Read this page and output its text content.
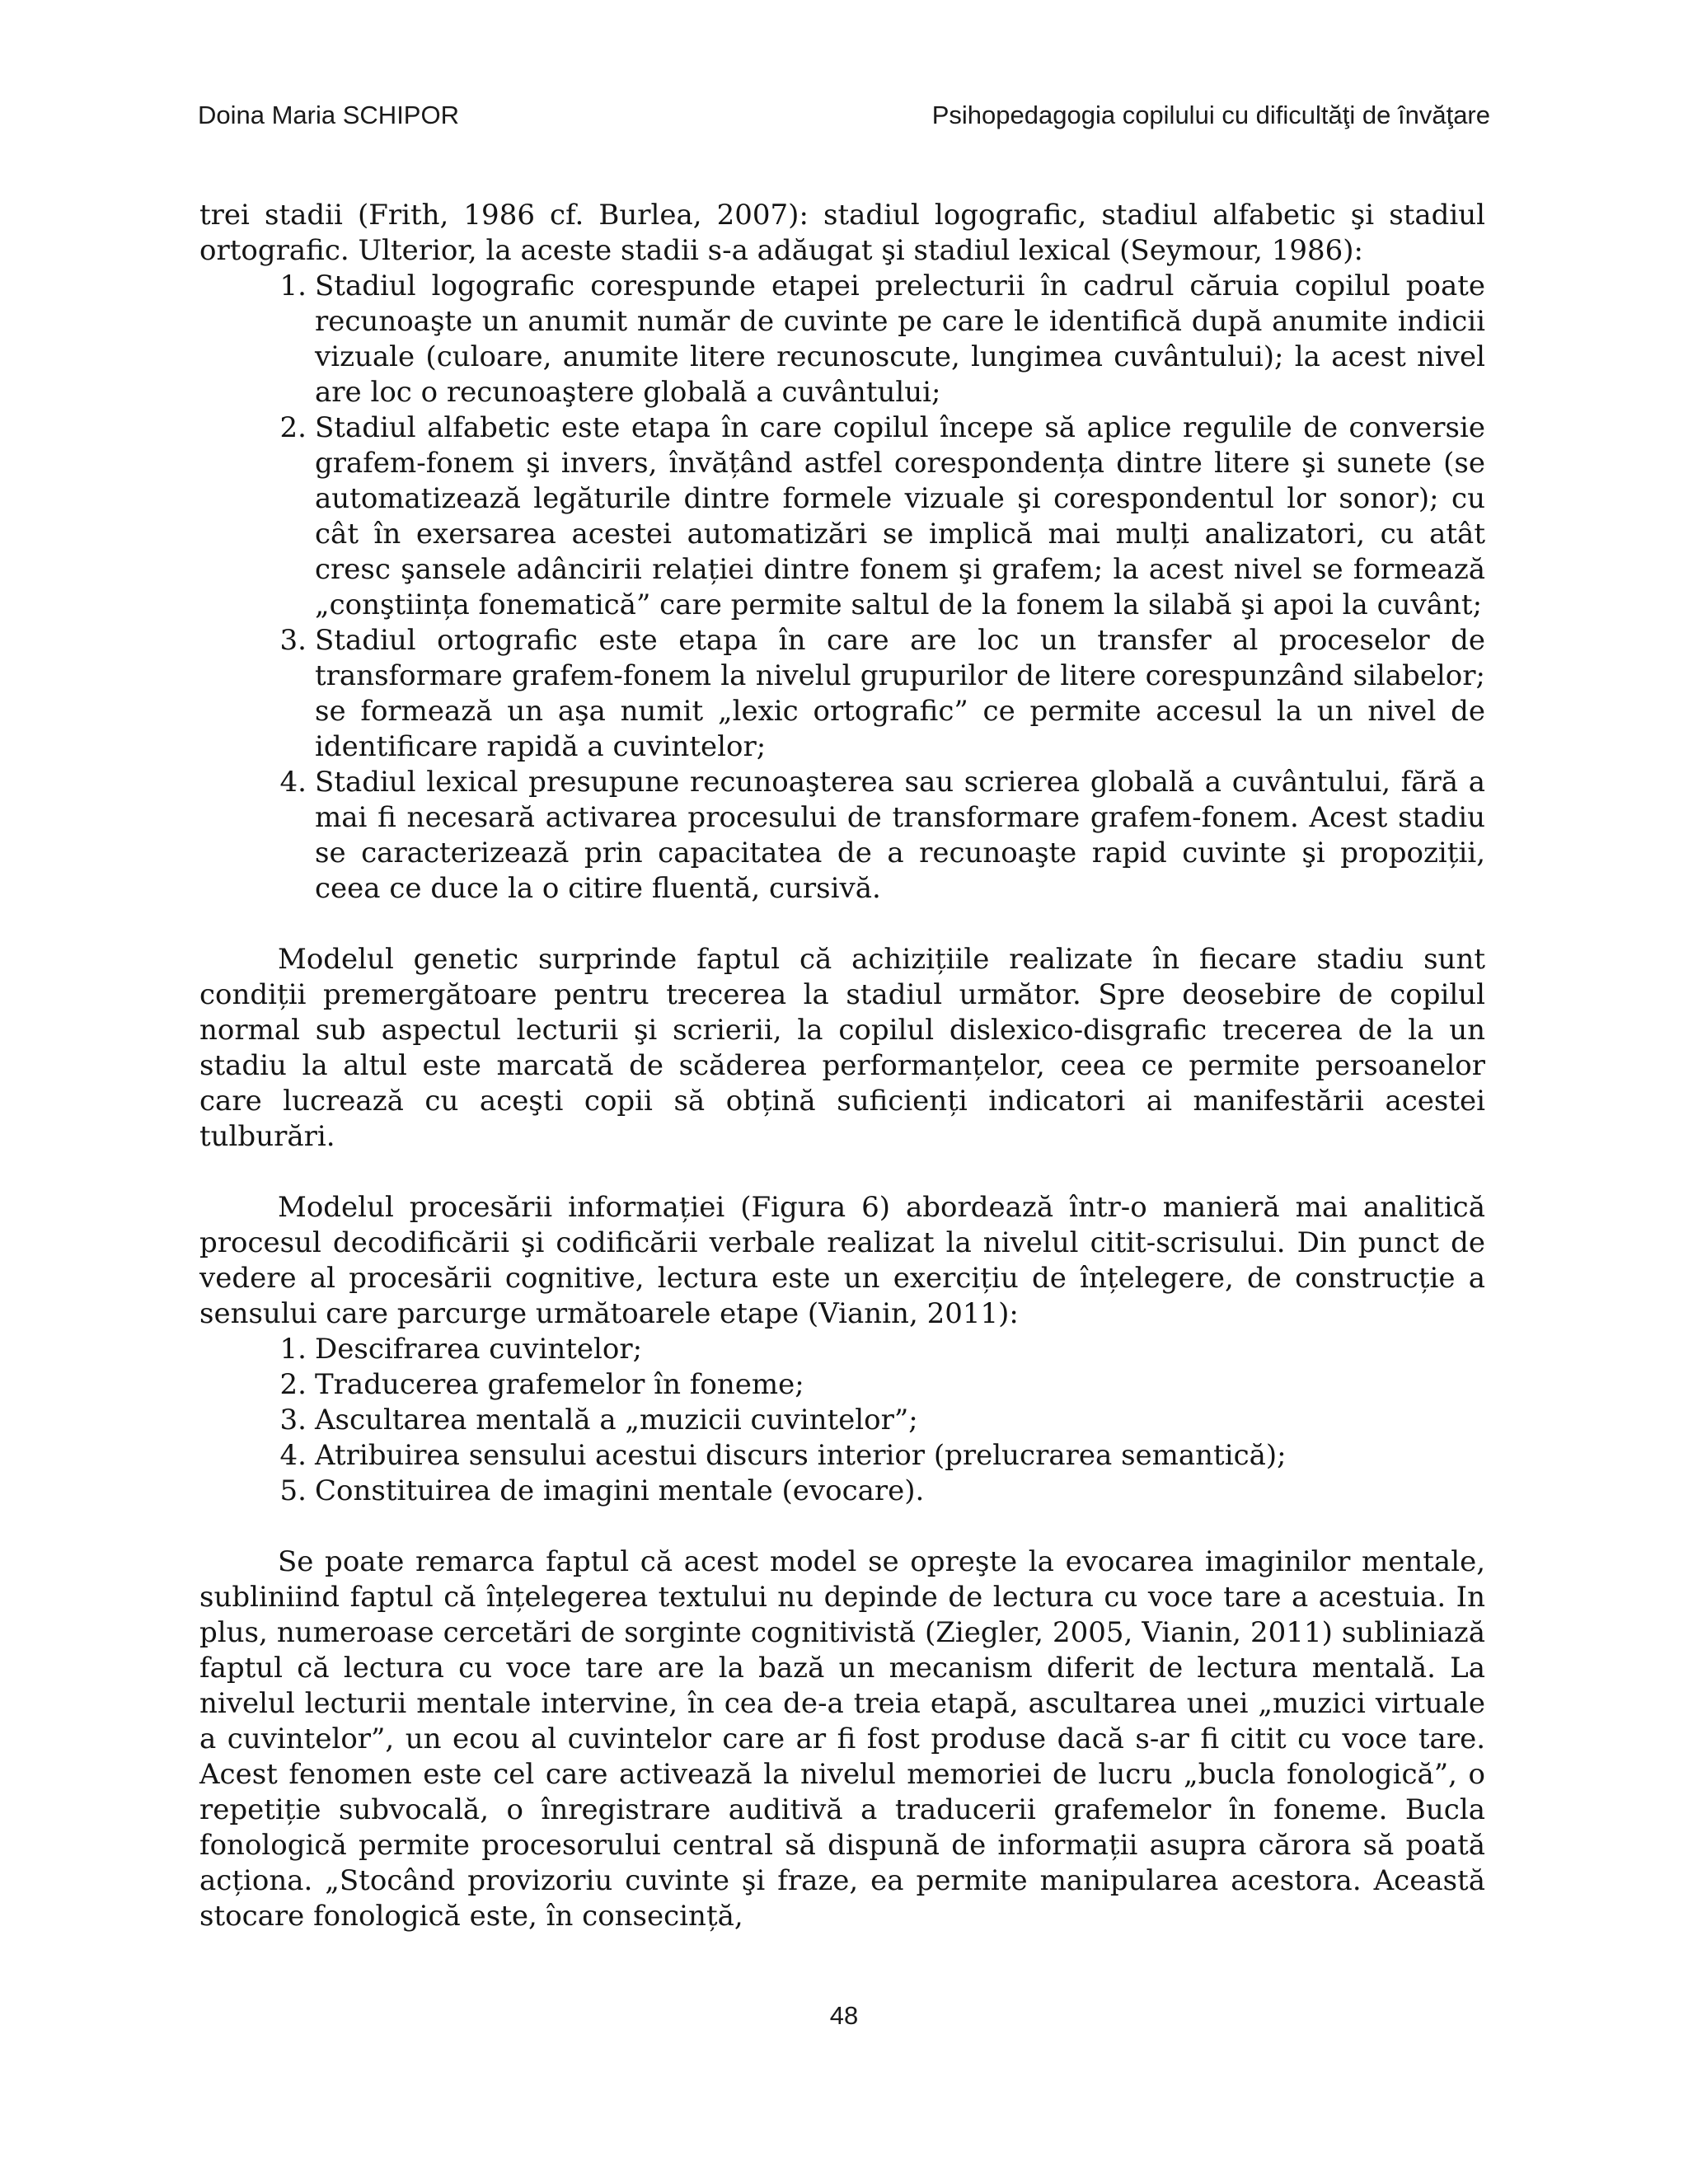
Doina Maria SCHIPOR	Psihopedagogia copilului cu dificultăţi de învăţare

trei stadii (Frith, 1986 cf. Burlea, 2007): stadiul logografic, stadiul alfabetic şi stadiul ortografic. Ulterior, la aceste stadii s-a adăugat şi stadiul lexical (Seymour, 1986):

1. Stadiul logografic corespunde etapei prelecturii în cadrul căruia copilul poate recunoaşte un anumit număr de cuvinte pe care le identifică după anumite indicii vizuale (culoare, anumite litere recunoscute, lungimea cuvântului); la acest nivel are loc o recunoaştere globală a cuvântului;
2. Stadiul alfabetic este etapa în care copilul începe să aplice regulile de conversie grafem-fonem şi invers, învățând astfel corespondența dintre litere şi sunete (se automatizează legăturile dintre formele vizuale şi corespondentul lor sonor); cu cât în exersarea acestei automatizări se implică mai mulți analizatori, cu atât cresc şansele adâncirii relației dintre fonem şi grafem; la acest nivel se formează „conştiința fonematică” care permite saltul de la fonem la silabă şi apoi la cuvânt;
3. Stadiul ortografic este etapa în care are loc un transfer al proceselor de transformare grafem-fonem la nivelul grupurilor de litere corespunzând silabelor; se formează un aşa numit „lexic ortografic” ce permite accesul la un nivel de identificare rapidă a cuvintelor;
4. Stadiul lexical presupune recunoaşterea sau scrierea globală a cuvântului, fără a mai fi necesară activarea procesului de transformare grafem-fonem. Acest stadiu se caracterizează prin capacitatea de a recunoaşte rapid cuvinte şi propoziții, ceea ce duce la o citire fluentă, cursivă.

Modelul genetic surprinde faptul că achizițiile realizate în fiecare stadiu sunt condiții premergătoare pentru trecerea la stadiul următor. Spre deosebire de copilul normal sub aspectul lecturii şi scrierii, la copilul dislexico-disgrafic trecerea de la un stadiu la altul este marcată de scăderea performanțelor, ceea ce permite persoanelor care lucrează cu aceşti copii să obțină suficienți indicatori ai manifestării acestei tulburări.

Modelul procesării informației (Figura 6) abordează într-o manieră mai analitică procesul decodificării şi codificării verbale realizat la nivelul citit-scrisului. Din punct de vedere al procesării cognitive, lectura este un exercițiu de înțelegere, de construcție a sensului care parcurge următoarele etape (Vianin, 2011):

1. Descifrarea cuvintelor;
2. Traducerea grafemelor în foneme;
3. Ascultarea mentală a „muzicii cuvintelor”;
4. Atribuirea sensului acestui discurs interior (prelucrarea semantică);
5. Constituirea de imagini mentale (evocare).

Se poate remarca faptul că acest model se opreşte la evocarea imaginilor mentale, subliniind faptul că înțelegerea textului nu depinde de lectura cu voce tare a acestuia. In plus, numeroase cercetări de sorginte cognitivistă (Ziegler, 2005, Vianin, 2011) subliniază faptul că lectura cu voce tare are la bază un mecanism diferit de lectura mentală. La nivelul lecturii mentale intervine, în cea de-a treia etapă, ascultarea unei „muzici virtuale a cuvintelor”, un ecou al cuvintelor care ar fi fost produse dacă s-ar fi citit cu voce tare. Acest fenomen este cel care activează la nivelul memoriei de lucru „bucla fonologică”, o repetiție subvocală, o înregistrare auditivă a traducerii grafemelor în foneme. Bucla fonologică permite procesorului central să dispună de informații asupra cărora să poată acționa. „Stocând provizoriu cuvinte şi fraze, ea permite manipularea acestora. Această stocare fonologică este, în consecință,

48
